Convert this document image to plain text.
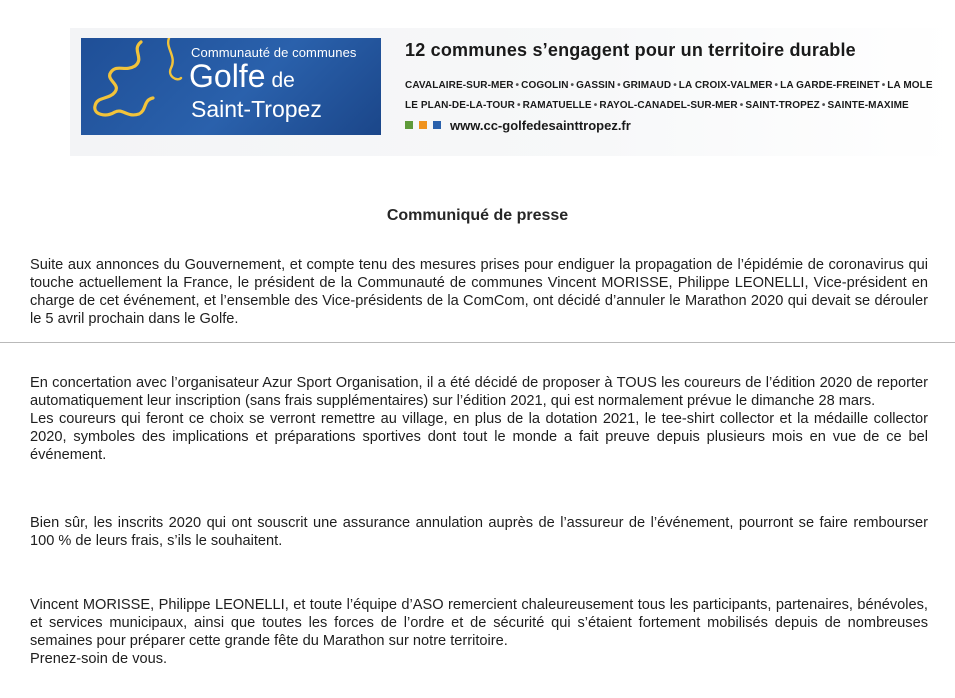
Communauté de communes
Golfe de
Saint-Tropez
12 communes s’engagent pour un territoire durable
CAVALAIRE-SUR-MER • COGOLIN • GASSIN • GRIMAUD • LA CROIX-VALMER • LA GARDE-FREINET • LA MOLE
LE PLAN-DE-LA-TOUR • RAMATUELLE • RAYOL-CANADEL-SUR-MER • SAINT-TROPEZ • SAINTE-MAXIME
www.cc-golfedesainttropez.fr
Communiqué de presse

Suite aux annonces du Gouvernement, et compte tenu des mesures prises pour endiguer la propagation de l’épidémie de coronavirus qui touche actuellement la France, le président de la Communauté de communes Vincent MORISSE, Philippe LEONELLI, Vice-président en charge de cet événement, et l’ensemble des Vice-présidents de la ComCom, ont décidé d’annuler le Marathon 2020 qui devait se dérouler le 5 avril prochain dans le Golfe.

En concertation avec l’organisateur Azur Sport Organisation, il a été décidé de proposer à TOUS les coureurs de l’édition 2020 de reporter automatiquement leur inscription (sans frais supplémentaires) sur l’édition 2021, qui est normalement prévue le dimanche 28 mars.

Les coureurs qui feront ce choix se verront remettre au village, en plus de la dotation 2021, le tee-shirt collector et la médaille collector 2020, symboles des implications et préparations sportives dont tout le monde a fait preuve depuis plusieurs mois en vue de ce bel événement.

Bien sûr, les inscrits 2020 qui ont souscrit une assurance annulation auprès de l’assureur de l’événement, pourront se faire rembourser 100 % de leurs frais, s’ils le souhaitent.

Vincent MORISSE, Philippe LEONELLI, et toute l’équipe d’ASO remercient chaleureusement tous les participants, partenaires, bénévoles, et services municipaux, ainsi que toutes les forces de l’ordre et de sécurité qui s’étaient fortement mobilisés depuis de nombreuses semaines pour préparer cette grande fête du Marathon sur notre territoire.

Prenez-soin de vous.
